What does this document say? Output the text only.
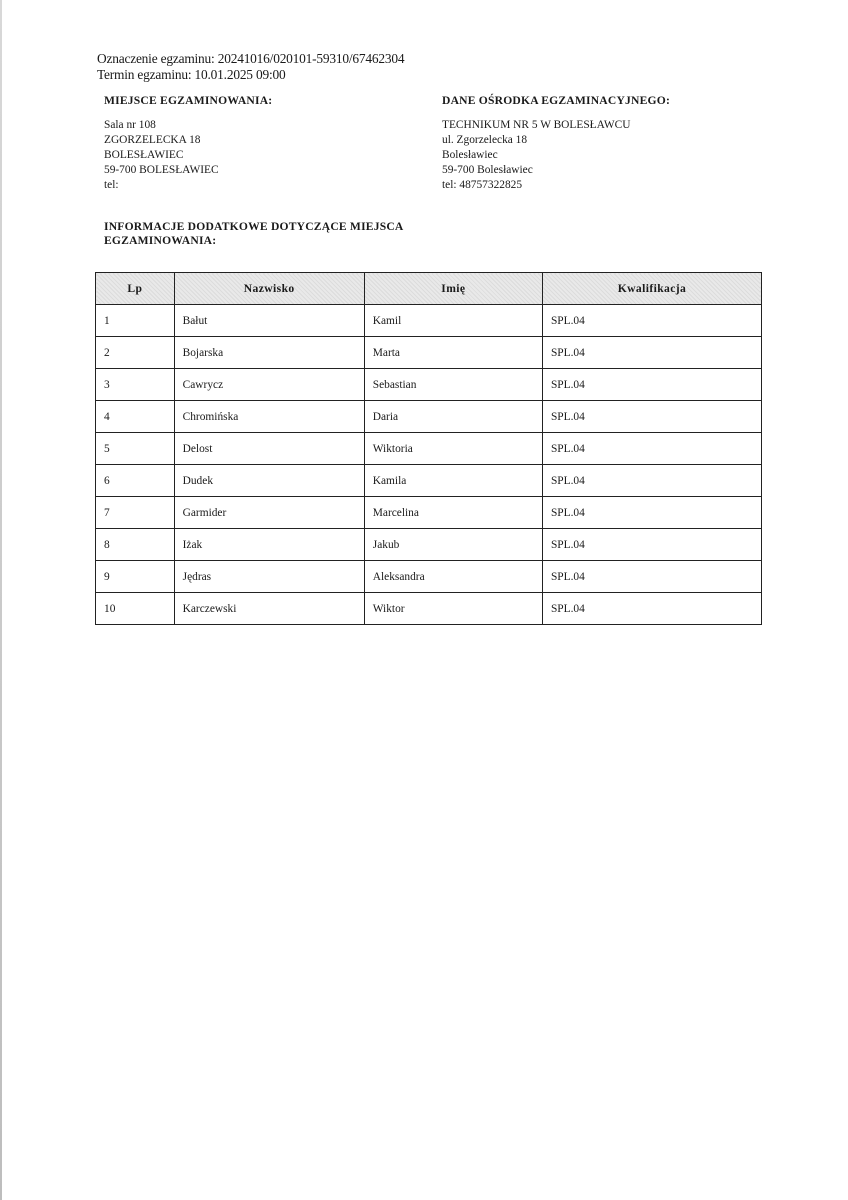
Oznaczenie egzaminu: 20241016/020101-59310/67462304
Termin egzaminu: 10.01.2025 09:00
MIEJSCE EGZAMINOWANIA:
Sala nr 108
ZGORZELECKA 18
BOLESŁAWIEC
59-700 BOLESŁAWIEC
tel:
DANE OŚRODKA EGZAMINACYJNEGO:
TECHNIKUM NR 5 W BOLESŁAWCU
ul. Zgorzelecka 18
Bolesławiec
59-700 Bolesławiec
tel: 48757322825
INFORMACJE DODATKOWE DOTYCZĄCE MIEJSCA
EGZAMINOWANIA:
Lp	Nazwisko	Imię	Kwalifikacja
1	Bałut	Kamil	SPL.04
2	Bojarska	Marta	SPL.04
3	Cawrycz	Sebastian	SPL.04
4	Chromińska	Daria	SPL.04
5	Delost	Wiktoria	SPL.04
6	Dudek	Kamila	SPL.04
7	Garmider	Marcelina	SPL.04
8	Iżak	Jakub	SPL.04
9	Jędras	Aleksandra	SPL.04
10	Karczewski	Wiktor	SPL.04
